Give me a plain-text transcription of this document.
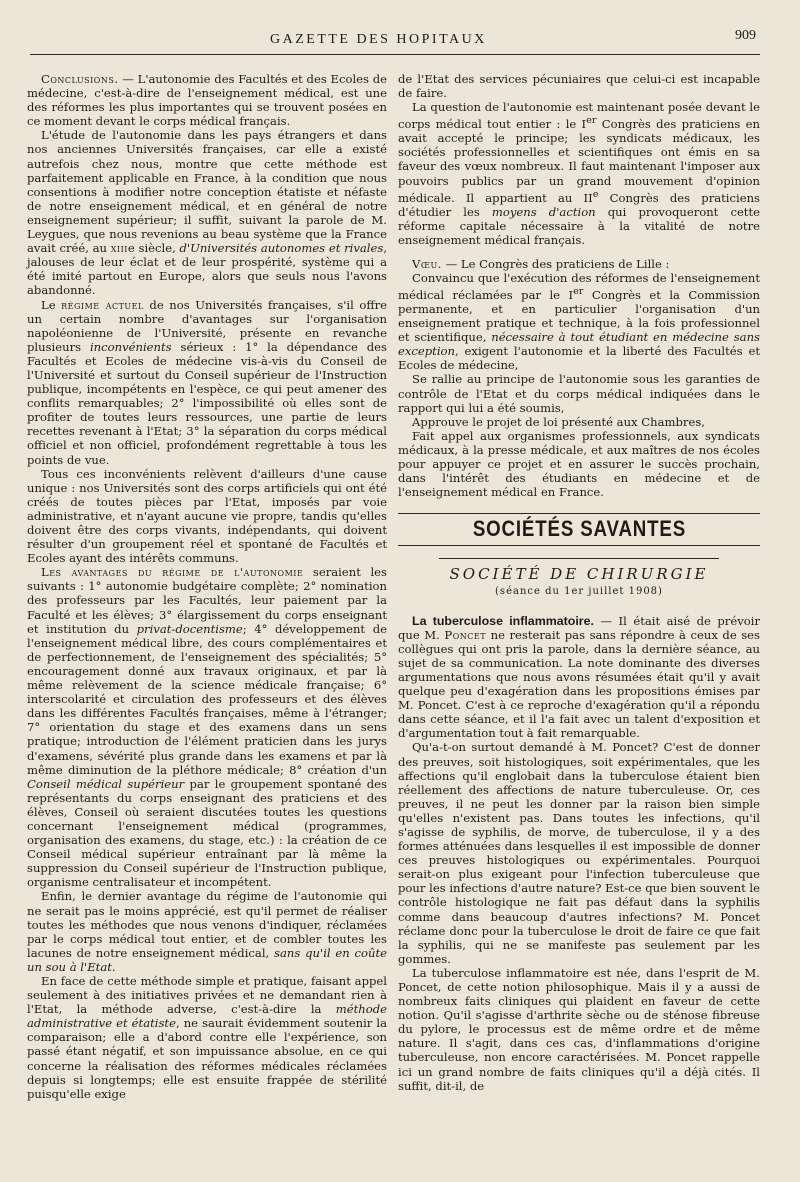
GAZETTE DES HOPITAUX	909

Conclusions. — L'autonomie des Facultés et des Ecoles de médecine, c'est-à-dire de l'enseignement médical, est une des réformes les plus importantes qui se trouvent posées en ce moment devant le corps médical français.

L'étude de l'autonomie dans les pays étrangers et dans nos anciennes Universités françaises, car elle a existé autrefois chez nous, montre que cette méthode est parfaitement applicable en France, à la condition que nous consentions à modifier notre conception étatiste et néfaste de notre enseignement médical, et en général de notre enseignement supérieur; il suffit, suivant la parole de M. Leygues, que nous revenions au beau système que la France avait créé, au xiiie siècle, d'Universités autonomes et rivales, jalouses de leur éclat et de leur prospérité, système qui a été imité partout en Europe, alors que seuls nous l'avons abandonné.

Le régime actuel de nos Universités françaises, s'il offre un certain nombre d'avantages sur l'organisation napoléonienne de l'Université, présente en revanche plusieurs inconvénients sérieux : 1° la dépendance des Facultés et Ecoles de médecine vis-à-vis du Conseil de l'Université et surtout du Conseil supérieur de l'Instruction publique, incompétents en l'espèce, ce qui peut amener des conflits remarquables; 2° l'impossibilité où elles sont de profiter de toutes leurs ressources, une partie de leurs recettes revenant à l'Etat; 3° la séparation du corps médical officiel et non officiel, profondément regrettable à tous les points de vue.

Tous ces inconvénients relèvent d'ailleurs d'une cause unique : nos Universités sont des corps artificiels qui ont été créés de toutes pièces par l'Etat, imposés par voie administrative, et n'ayant aucune vie propre, tandis qu'elles doivent être des corps vivants, indépendants, qui doivent résulter d'un groupement réel et spontané de Facultés et Ecoles ayant des intérêts communs.

Les avantages du régime de l'autonomie seraient les suivants : 1° autonomie budgétaire complète; 2° nomination des professeurs par les Facultés, leur paiement par la Faculté et les élèves; 3° élargissement du corps enseignant et institution du privat-docentisme; 4° développement de l'enseignement médical libre, des cours complémentaires et de perfectionnement, de l'enseignement des spécialités; 5° encouragement donné aux travaux originaux, et par là même relèvement de la science médicale française; 6° interscolarité et circulation des professeurs et des élèves dans les différentes Facultés françaises, même à l'étranger; 7° orientation du stage et des examens dans un sens pratique; introduction de l'élément praticien dans les jurys d'examens, sévérité plus grande dans les examens et par là même diminution de la pléthore médicale; 8° création d'un Conseil médical supérieur par le groupement spontané des représentants du corps enseignant des praticiens et des élèves, Conseil où seraient discutées toutes les questions concernant l'enseignement médical (programmes, organisation des examens, du stage, etc.) : la création de ce Conseil médical supérieur entraînant par là même la suppression du Conseil supérieur de l'Instruction publique, organisme centralisateur et incompétent.

Enfin, le dernier avantage du régime de l'autonomie qui ne serait pas le moins apprécié, est qu'il permet de réaliser toutes les méthodes que nous venons d'indiquer, réclamées par le corps médical tout entier, et de combler toutes les lacunes de notre enseignement médical, sans qu'il en coûte un sou à l'Etat.

En face de cette méthode simple et pratique, faisant appel seulement à des initiatives privées et ne demandant rien à l'Etat, la méthode adverse, c'est-à-dire la méthode administrative et étatiste, ne saurait évidemment soutenir la comparaison; elle a d'abord contre elle l'expérience, son passé étant négatif, et son impuissance absolue, en ce qui concerne la réalisation des réformes médicales réclamées depuis si longtemps; elle est ensuite frappée de stérilité puisqu'elle exige

de l'Etat des services pécuniaires que celui-ci est incapable de faire.

La question de l'autonomie est maintenant posée devant le corps médical tout entier : le Ier Congrès des praticiens en avait accepté le principe; les syndicats médicaux, les sociétés professionnelles et scientifiques ont émis en sa faveur des vœux nombreux. Il faut maintenant l'imposer aux pouvoirs publics par un grand mouvement d'opinion médicale. Il appartient au IIe Congrès des praticiens d'étudier les moyens d'action qui provoqueront cette réforme capitale nécessaire à la vitalité de notre enseignement médical français.

Vœu. — Le Congrès des praticiens de Lille :

Convaincu que l'exécution des réformes de l'enseignement médical réclamées par le Ier Congrès et la Commission permanente, et en particulier l'organisation d'un enseignement pratique et technique, à la fois professionnel et scientifique, nécessaire à tout étudiant en médecine sans exception, exigent l'autonomie et la liberté des Facultés et Ecoles de médecine,

Se rallie au principe de l'autonomie sous les garanties de contrôle de l'Etat et du corps médical indiquées dans le rapport qui lui a été soumis,

Approuve le projet de loi présenté aux Chambres,

Fait appel aux organismes professionnels, aux syndicats médicaux, à la presse médicale, et aux maîtres de nos écoles pour appuyer ce projet et en assurer le succès prochain, dans l'intérêt des étudiants en médecine et de l'enseignement médical en France.

SOCIÉTÉS SAVANTES
SOCIÉTÉ DE CHIRURGIE
(séance du 1er juillet 1908)

La tuberculose inflammatoire. — Il était aisé de prévoir que M. Poncet ne resterait pas sans répondre à ceux de ses collègues qui ont pris la parole, dans la dernière séance, au sujet de sa communication. La note dominante des diverses argumentations que nous avons résumées était qu'il y avait quelque peu d'exagération dans les propositions émises par M. Poncet. C'est à ce reproche d'exagération qu'il a répondu dans cette séance, et il l'a fait avec un talent d'exposition et d'argumentation tout à fait remarquable.

Qu'a-t-on surtout demandé à M. Poncet? C'est de donner des preuves, soit histologiques, soit expérimentales, que les affections qu'il englobait dans la tuberculose étaient bien réellement des affections de nature tuberculeuse. Or, ces preuves, il ne peut les donner par la raison bien simple qu'elles n'existent pas. Dans toutes les infections, qu'il s'agisse de syphilis, de morve, de tuberculose, il y a des formes atténuées dans lesquelles il est impossible de donner ces preuves histologiques ou expérimentales. Pourquoi serait-on plus exigeant pour l'infection tuberculeuse que pour les infections d'autre nature? Est-ce que bien souvent le contrôle histologique ne fait pas défaut dans la syphilis comme dans beaucoup d'autres infections? M. Poncet réclame donc pour la tuberculose le droit de faire ce que fait la syphilis, qui ne se manifeste pas seulement par les gommes.

La tuberculose inflammatoire est née, dans l'esprit de M. Poncet, de cette notion philosophique. Mais il y a aussi de nombreux faits cliniques qui plaident en faveur de cette notion. Qu'il s'agisse d'arthrite sèche ou de sténose fibreuse du pylore, le processus est de même ordre et de même nature. Il s'agit, dans ces cas, d'inflammations d'origine tuberculeuse, non encore caractérisées. M. Poncet rappelle ici un grand nombre de faits cliniques qu'il a déjà cités. Il suffit, dit-il, de
